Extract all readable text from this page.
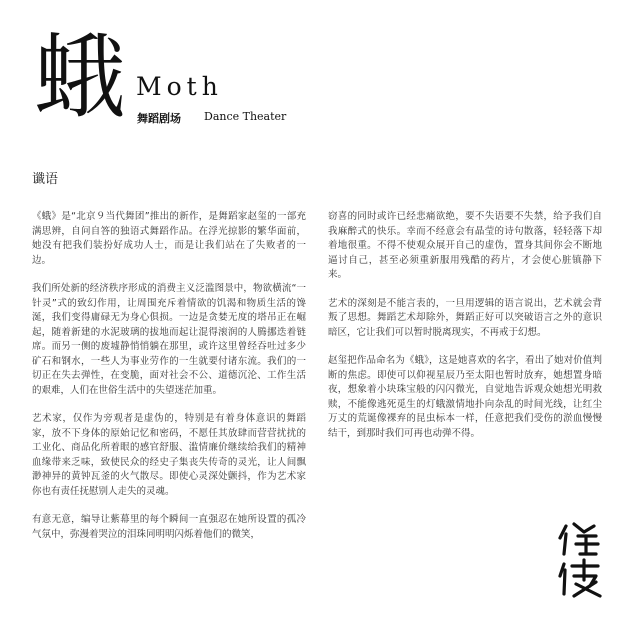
蛾 Moth
舞蹈剧场 Dance Theater
谶语

《蛾》是“北京９当代舞团”推出的新作，是舞蹈家赵玺的一部充满思辨，自问自答的独语式舞蹈作品。在浮光掠影的繁华面前，她没有把我们装扮好成功人士，而是让我们站在了失败者的一边。

我们所处新的经济秩序形成的消费主义泛滥图景中，物欲横流“一针灵”式的致幻作用，让周围充斥着情欲的饥渴和物质生活的馋涎，我们变得庸碌无为身心俱损。一边是贪婪无度的塔吊正在崛起，随着新建的水泥玻璃的拔地而起让混得滚润的人腾挪迭着链席。而另一侧的废墟静悄悄躺在那里，或许这里曾经吞吐过多少矿石和钢水，一些人为事业劳作的一生就要付诸东流。我们的一切正在失去弹性，在变脆，面对社会不公、道德沉沦、工作生活的艰难，人们在世俗生活中的失望迷茫加重。

艺术家，仅作为旁观者是虚伪的，特别是有着身体意识的舞蹈家，放不下身体的原始记忆和密码，不愿任其放肆而营营扰扰的工业化、商品化所着眼的感官舒服、滥情廉价继续给我们的精神血缘带来乏味，致使民众的经史子集丧失传奇的灵光，让人间飘渺神异的黄钟瓦釜的火气散尽。即使心灵深处颤抖，作为艺术家你也有责任抚慰别人走失的灵魂。

有意无意，编导让紫幕里的每个瞬间一直强忍在她所设置的孤冷气氛中，弥漫着哭泣的泪珠同明明闪烁着他们的微笑，

窃喜的同时或许已经悲痛欲绝，要不失语要不失禁，给予我们自我麻醉式的快乐。幸而不经意会有晶莹的诗句散落，轻轻落下却着地很重。不得不使观众展开自己的虚伪，置身其间你会不断地逼讨自己，甚至必须重新服用残酷的药片，才会使心脏镇静下来。

艺术的深刻是不能言表的，一旦用逻辑的语言说出，艺术就会背叛了思想。舞蹈艺术却除外，舞蹈正好可以突破语言之外的意识暗区，它让我们可以暂时脱离现实，不再戒于幻想。

赵玺把作品命名为《蛾》，这是她喜欢的名字，看出了她对价值判断的焦虑。即使可以仰视星辰乃至太阳也暂时放弃，她想置身暗夜，想象着小块珠宝般的闪闪微光，自觉地告诉观众她想光明救赎，不能像逃死觅生的灯蛾激情地扑向杂乱的时间光线，让红尘万丈的荒诞像裸弃的昆虫标本一样，任意把我们受伤的淤血慢慢结干，到那时我们可再也动弹不得。
